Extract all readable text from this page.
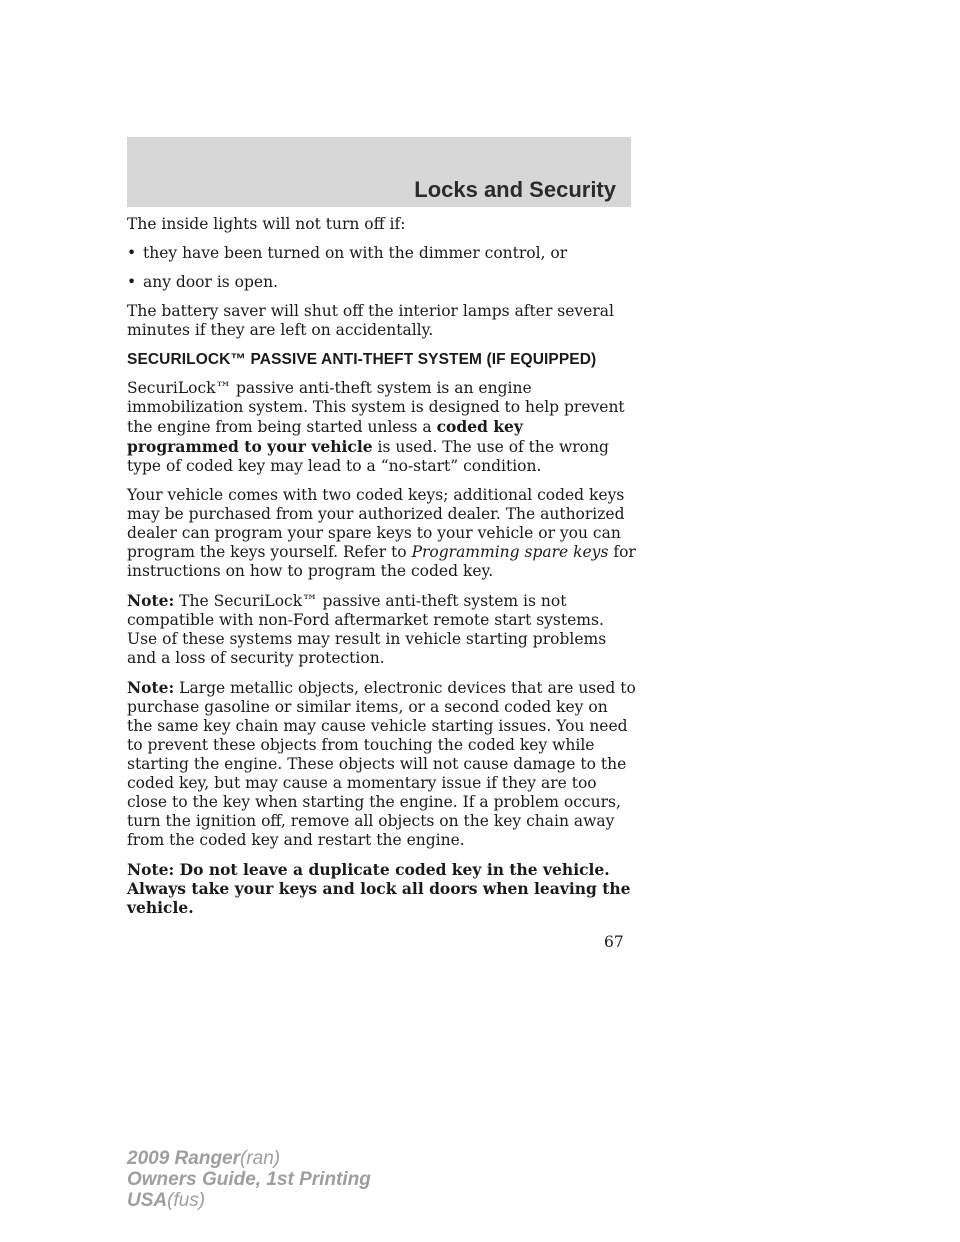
Locks and Security

The inside lights will not turn off if:

• they have been turned on with the dimmer control, or
• any door is open.

The battery saver will shut off the interior lamps after several minutes if they are left on accidentally.

SECURILOCK™ PASSIVE ANTI-THEFT SYSTEM (IF EQUIPPED)

SecuriLock™ passive anti-theft system is an engine immobilization system. This system is designed to help prevent the engine from being started unless a coded key programmed to your vehicle is used. The use of the wrong type of coded key may lead to a “no-start” condition.

Your vehicle comes with two coded keys; additional coded keys may be purchased from your authorized dealer. The authorized dealer can program your spare keys to your vehicle or you can program the keys yourself. Refer to Programming spare keys for instructions on how to program the coded key.

Note: The SecuriLock™ passive anti-theft system is not compatible with non-Ford aftermarket remote start systems. Use of these systems may result in vehicle starting problems and a loss of security protection.

Note: Large metallic objects, electronic devices that are used to purchase gasoline or similar items, or a second coded key on the same key chain may cause vehicle starting issues. You need to prevent these objects from touching the coded key while starting the engine. These objects will not cause damage to the coded key, but may cause a momentary issue if they are too close to the key when starting the engine. If a problem occurs, turn the ignition off, remove all objects on the key chain away from the coded key and restart the engine.

Note: Do not leave a duplicate coded key in the vehicle. Always take your keys and lock all doors when leaving the vehicle.

67
2009 Ranger(ran)
Owners Guide, 1st Printing
USA(fus)
